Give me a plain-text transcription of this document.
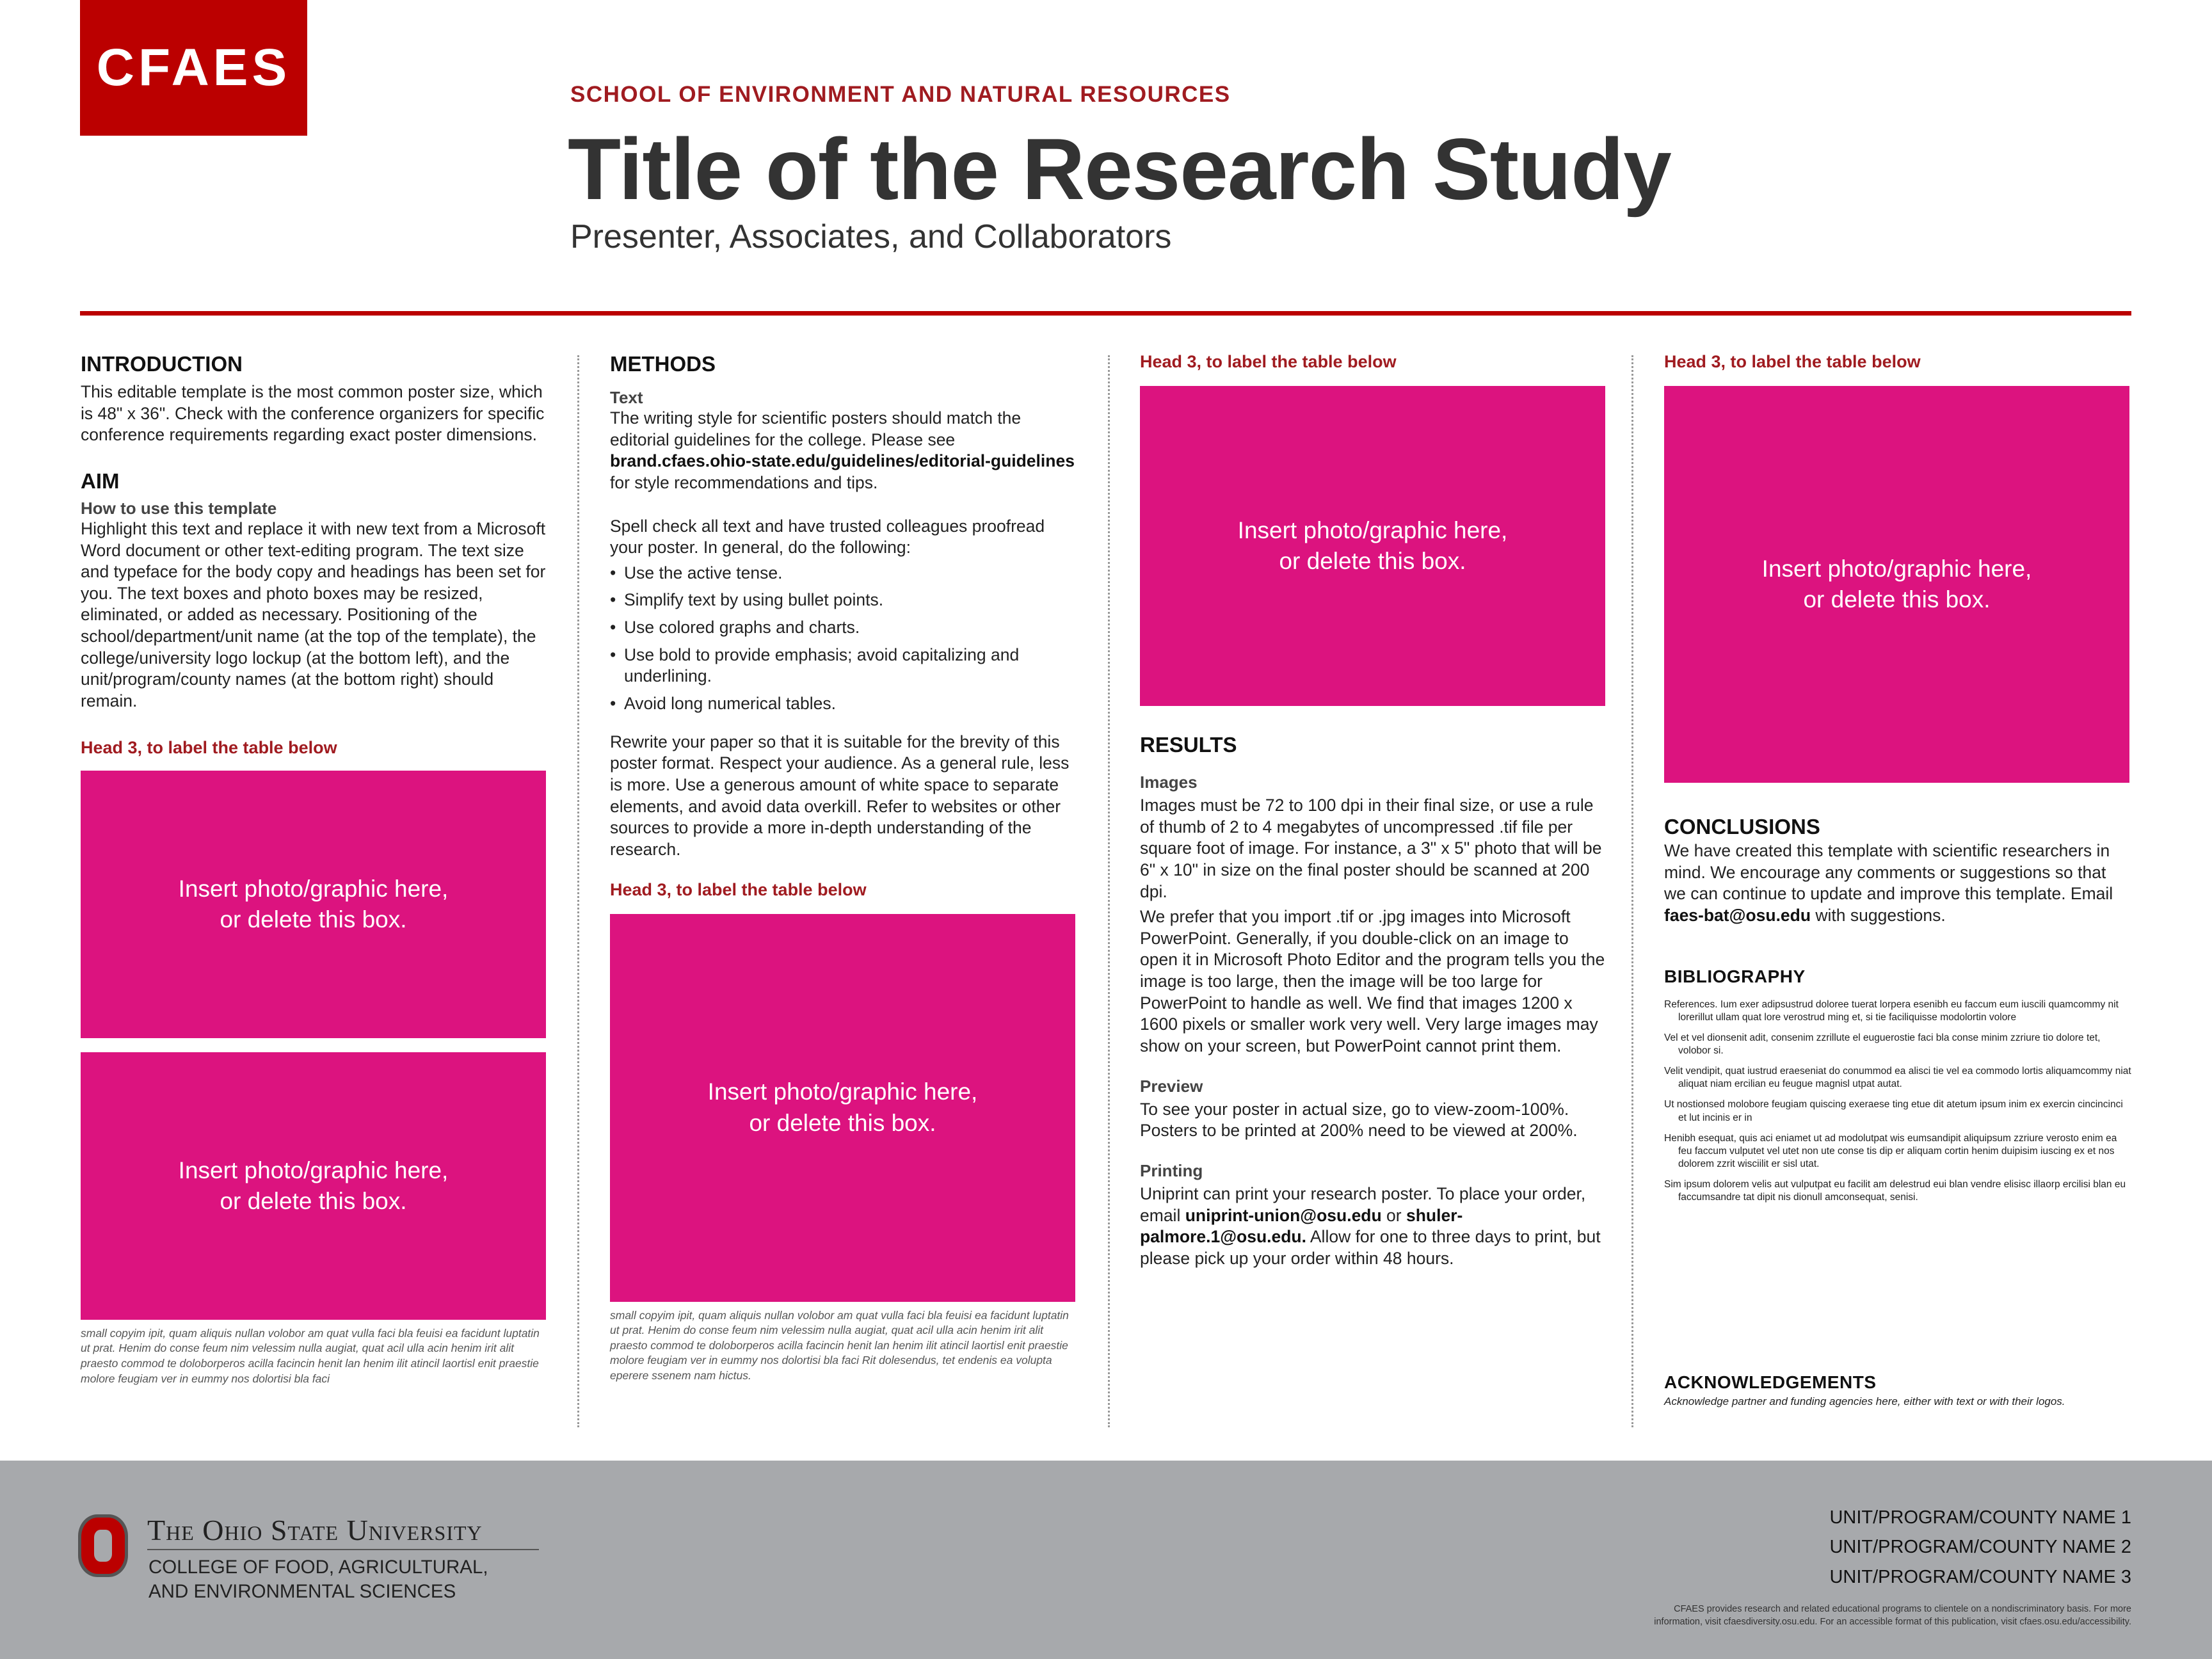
CFAES	SCHOOL OF ENVIRONMENT AND NATURAL RESOURCES
Title of the Research Study
Presenter, Associates, and Collaborators
INTRODUCTION

This editable template is the most common poster size, which is 48" x 36". Check with the conference organizers for specific conference requirements regarding exact poster dimensions.

AIM
How to use this template

Highlight this text and replace it with new text from a Microsoft Word document or other text-editing program. The text size and typeface for the body copy and headings has been set for you. The text boxes and photo boxes may be resized, eliminated, or added as necessary. Positioning of the school/department/unit name (at the top of the template), the college/university logo lockup (at the bottom left), and the unit/program/county names (at the bottom right) should remain.

Head 3, to label the table below
Insert photo/graphic here,
or delete this box.
Insert photo/graphic here,
or delete this box.
small copyim ipit, quam aliquis nullan volobor am quat vulla faci bla feuisi ea facidunt luptatin ut prat. Henim do conse feum nim velessim nulla augiat, quat acil ulla acin henim irit alit praesto commod te doloborperos acilla facincin henit lan henim ilit atincil laortisl enit praestie molore feugiam ver in eummy nos dolortisi bla faci
METHODS
Text

The writing style for scientific posters should match the editorial guidelines for the college. Please see brand.cfaes.ohio-state.edu/guidelines/editorial-guidelines for style recommendations and tips.

Spell check all text and have trusted colleagues proofread your poster. In general, do the following:

• Use the active tense.
• Simplify text by using bullet points.
• Use colored graphs and charts.
• Use bold to provide emphasis; avoid capitalizing and underlining.
• Avoid long numerical tables.

Rewrite your paper so that it is suitable for the brevity of this poster format. Respect your audience. As a general rule, less is more. Use a generous amount of white space to separate elements, and avoid data overkill. Refer to websites or other sources to provide a more in-depth understanding of the research.

Head 3, to label the table below
Insert photo/graphic here,
or delete this box.
small copyim ipit, quam aliquis nullan volobor am quat vulla faci bla feuisi ea facidunt luptatin ut prat. Henim do conse feum nim velessim nulla augiat, quat acil ulla acin henim irit alit praesto commod te doloborperos acilla facincin henit lan henim ilit atincil laortisl enit praestie molore feugiam ver in eummy nos dolortisi bla faci Rit dolesendus, tet endenis ea volupta eperere ssenem nam hictus.
Head 3, to label the table below
Insert photo/graphic here,
or delete this box.
RESULTS
Images

Images must be 72 to 100 dpi in their final size, or use a rule of thumb of 2 to 4 megabytes of uncompressed .tif file per square foot of image. For instance, a 3" x 5" photo that will be 6" x 10" in size on the final poster should be scanned at 200 dpi.

We prefer that you import .tif or .jpg images into Microsoft PowerPoint. Generally, if you double-click on an image to open it in Microsoft Photo Editor and the program tells you the image is too large, then the image will be too large for PowerPoint to handle as well. We find that images 1200 x 1600 pixels or smaller work very well. Very large images may show on your screen, but PowerPoint cannot print them.

Preview

To see your poster in actual size, go to view-zoom-100%. Posters to be printed at 200% need to be viewed at 200%.

Printing

Uniprint can print your research poster. To place your order, email uniprint-union@osu.edu or shuler-palmore.1@osu.edu. Allow for one to three days to print, but please pick up your order within 48 hours.

Head 3, to label the table below
Insert photo/graphic here,
or delete this box.
CONCLUSIONS

We have created this template with scientific researchers in mind. We encourage any comments or suggestions so that we can continue to update and improve this template. Email faes-bat@osu.edu with suggestions.

BIBLIOGRAPHY

References. Ium exer adipsustrud doloree tuerat lorpera esenibh eu faccum eum iuscili quamcommy nit lorerillut ullam quat lore verostrud ming et, si tie faciliquisse modolortin volore

Vel et vel dionsenit adit, consenim zzrillute el euguerostie faci bla conse minim zzriure tio dolore tet, volobor si.

Velit vendipit, quat iustrud eraeseniat do conummod ea alisci tie vel ea commodo lortis aliquamcommy niat aliquat niam ercilian eu feugue magnisl utpat autat.

Ut nostionsed molobore feugiam quiscing exeraese ting etue dit atetum ipsum inim ex exercin cincincinci et lut incinis er in

Henibh esequat, quis aci eniamet ut ad modolutpat wis eumsandipit aliquipsum zzriure verosto enim ea feu faccum vulputet vel utet non ute conse tis dip er aliquam cortin henim duipisim iuscing ex et nos dolorem zzrit wisciilit er sisl utat.

Sim ipsum dolorem velis aut vulputpat eu facilit am delestrud eui blan vendre elisisc illaorp ercilisi blan eu faccumsandre tat dipit nis dionull amconsequat, senisi.

ACKNOWLEDGEMENTS
Acknowledge partner and funding agencies here, either with text or with their logos.
The Ohio State University
COLLEGE OF FOOD, AGRICULTURAL,
AND ENVIRONMENTAL SCIENCES
UNIT/PROGRAM/COUNTY NAME 1
UNIT/PROGRAM/COUNTY NAME 2
UNIT/PROGRAM/COUNTY NAME 3
CFAES provides research and related educational programs to clientele on a nondiscriminatory basis. For more
information, visit cfaesdiversity.osu.edu. For an accessible format of this publication, visit cfaes.osu.edu/accessibility.
